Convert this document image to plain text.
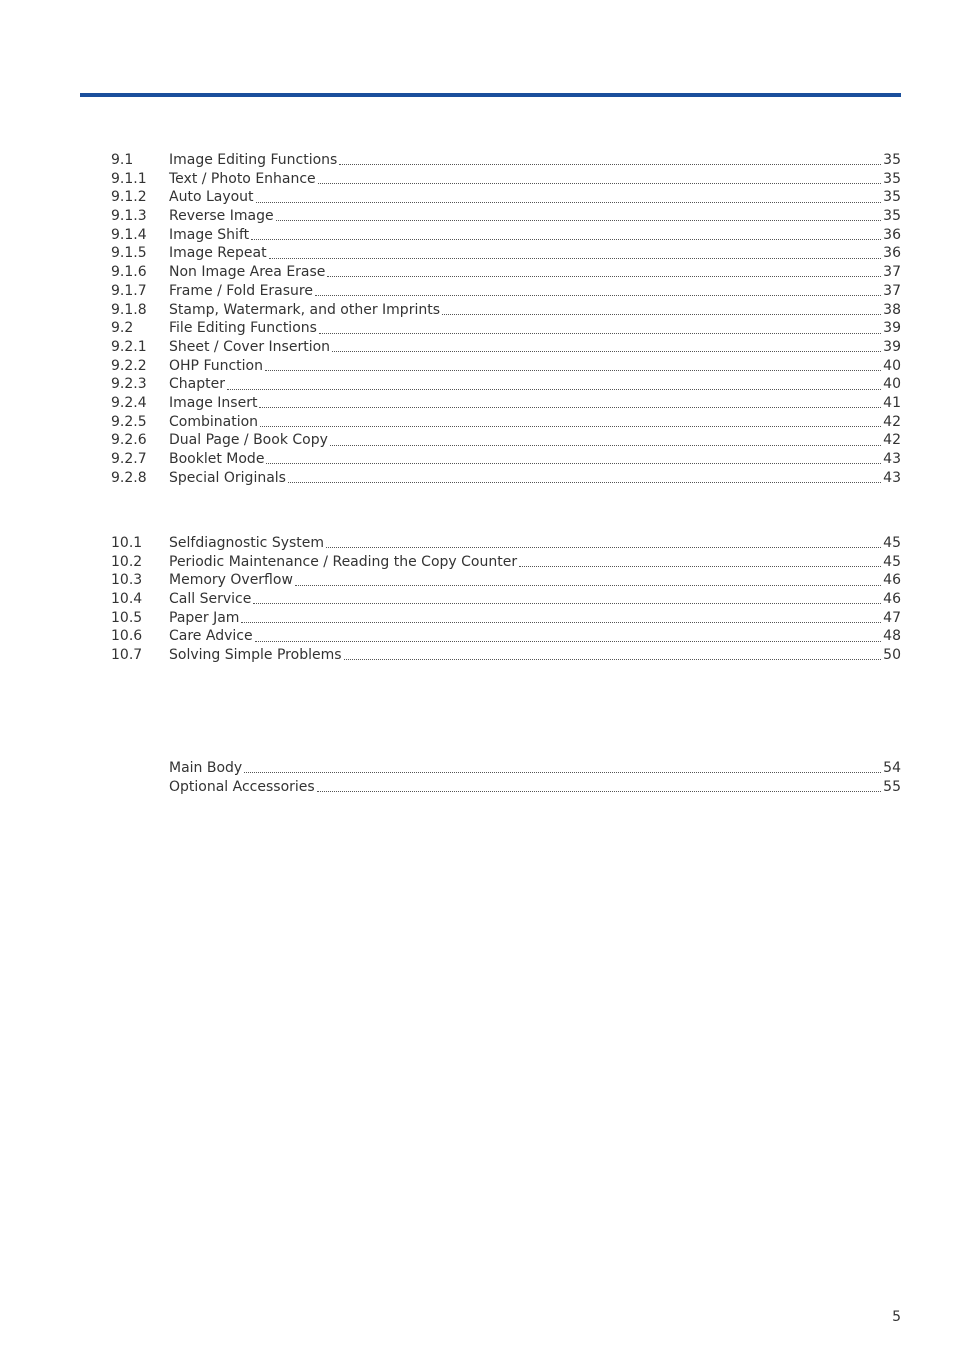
9.1	Image Editing Functions	35
9.1.1	Text / Photo Enhance	35
9.1.2	Auto Layout	35
9.1.3	Reverse Image	35
9.1.4	Image Shift	36
9.1.5	Image Repeat	36
9.1.6	Non Image Area Erase	37
9.1.7	Frame / Fold Erasure	37
9.1.8	Stamp, Watermark, and other Imprints	38
9.2	File Editing Functions	39
9.2.1	Sheet / Cover Insertion	39
9.2.2	OHP Function	40
9.2.3	Chapter	40
9.2.4	Image Insert	41
9.2.5	Combination	42
9.2.6	Dual Page / Book Copy	42
9.2.7	Booklet Mode	43
9.2.8	Special Originals	43
10.1	Selfdiagnostic System	45
10.2	Periodic Maintenance / Reading the Copy Counter	45
10.3	Memory Overflow	46
10.4	Call Service	46
10.5	Paper Jam	47
10.6	Care Advice	48
10.7	Solving Simple Problems	50
Main Body	54
Optional Accessories	55
5
